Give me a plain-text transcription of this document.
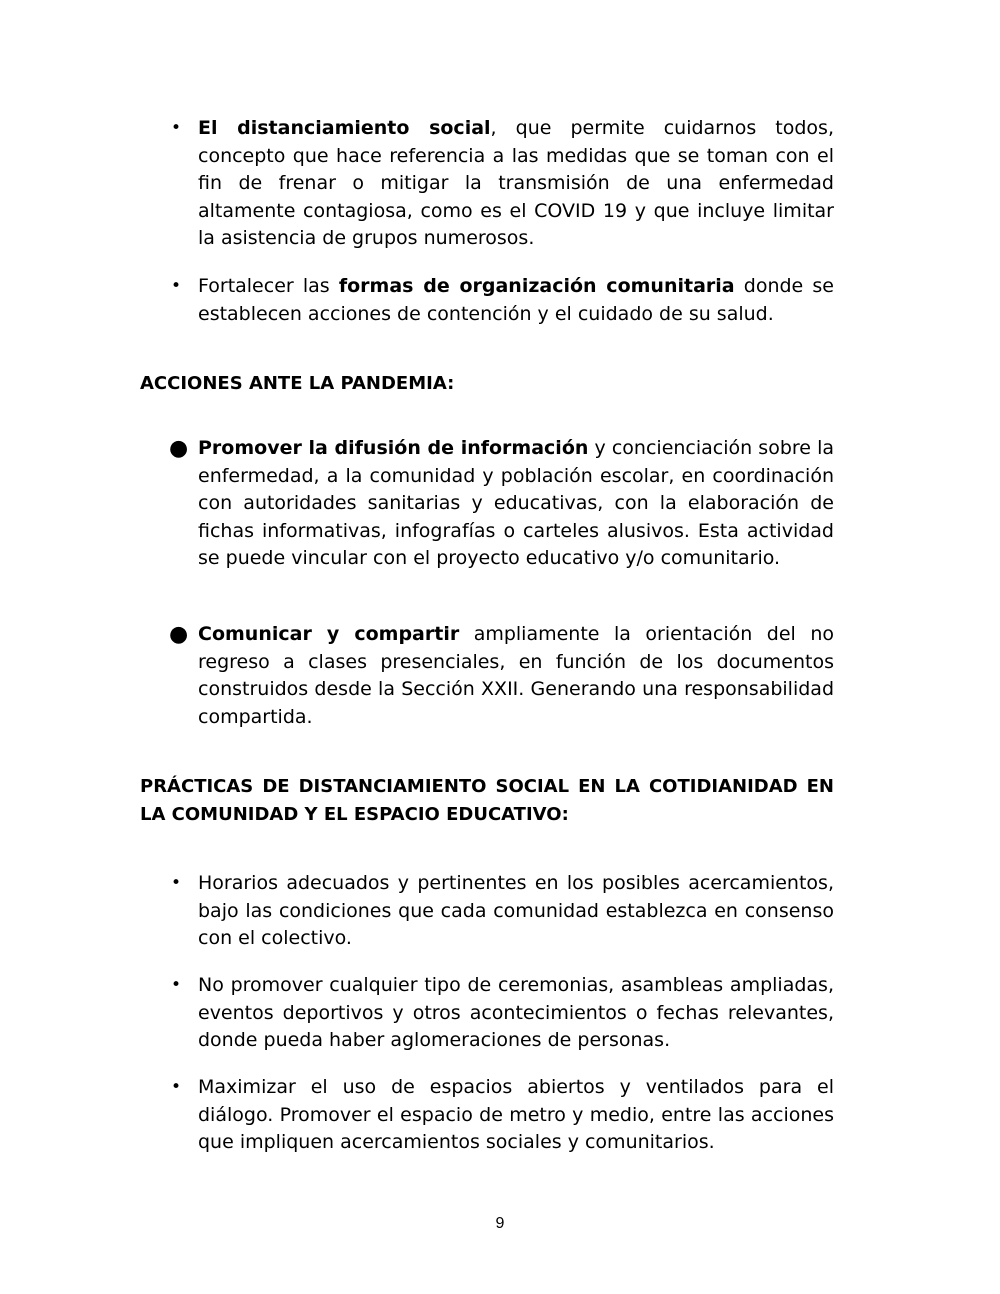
• El distanciamiento social, que permite cuidarnos todos, concepto que hace referencia a las medidas que se toman con el fin de frenar o mitigar la transmisión de una enfermedad altamente contagiosa, como es el COVID 19 y que incluye limitar la asistencia de grupos numerosos.
• Fortalecer las formas de organización comunitaria donde se establecen acciones de contención y el cuidado de su salud.
ACCIONES ANTE LA PANDEMIA:
● Promover la difusión de información y concienciación sobre la enfermedad, a la comunidad y población escolar, en coordinación con autoridades sanitarias y educativas, con la elaboración de fichas informativas, infografías o carteles alusivos. Esta actividad se puede vincular con el proyecto educativo y/o comunitario.
● Comunicar y compartir ampliamente la orientación del no regreso a clases presenciales, en función de los documentos construidos desde la Sección XXII. Generando una responsabilidad compartida.
PRÁCTICAS DE DISTANCIAMIENTO SOCIAL EN LA COTIDIANIDAD EN LA COMUNIDAD Y EL ESPACIO EDUCATIVO:
• Horarios adecuados y pertinentes en los posibles acercamientos, bajo las condiciones que cada comunidad establezca en consenso con el colectivo.
• No promover cualquier tipo de ceremonias, asambleas ampliadas, eventos deportivos y otros acontecimientos o fechas relevantes, donde pueda haber aglomeraciones de personas.
• Maximizar el uso de espacios abiertos y ventilados para el diálogo. Promover el espacio de metro y medio, entre las acciones que impliquen acercamientos sociales y comunitarios.
9
